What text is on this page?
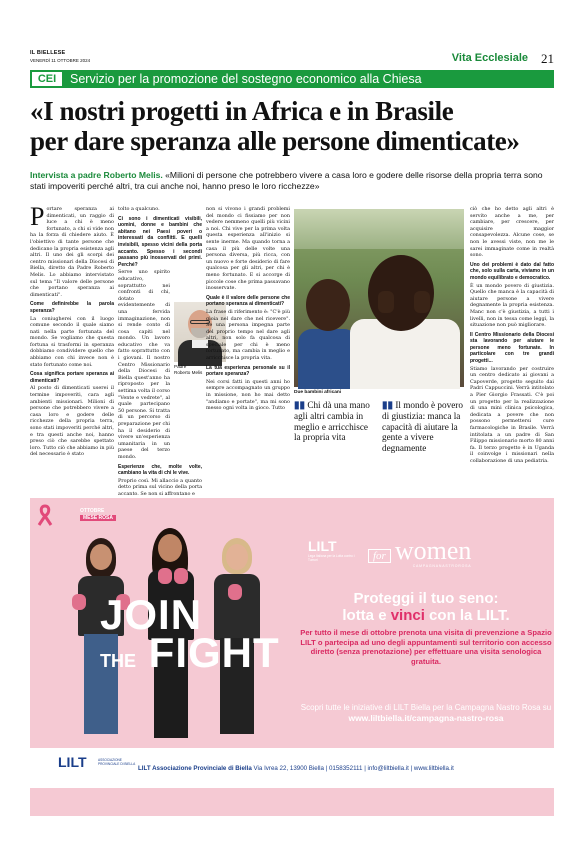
IL BIELLESE
VENERDÌ 11 OTTOBRE 2024	Vita Ecclesiale 21
CEI	Servizio per la promozione del sostegno economico alla Chiesa
«I nostri progetti in Africa e in Brasile
per dare speranza alle persone dimenticate»
Intervista a padre Roberto Melis. «Milioni di persone che potrebbero vivere a casa loro e godere delle risorse della propria terra sono stati impoveriti perché altri, tra cui anche noi, hanno preso le loro ricchezze»
P ortare speranza ai dimenticati, un raggio di luce a chi è meno fortunato, a chi si vide non ha la forza di chiedere aiuto. È l'obiettivo di tante persone che dedicano la propria esistenza agli altri. Il uno dei gli scorpi dei centro missionari della Diocesi di Biella, diretto da Padre Roberto Melis. Lo abbiamo intervistato sul tema "Il valore delle persone che portano speranza ai dimenticati".

Come definirebbe la parola speranza?

La coniugherei con il luogo comune secondo il quale siamo nati nella parte fortunata del mondo. Se vogliamo che questa fortuna si trasformi in speranza dobbiamo condividere quello che abbiamo con chi invece non è stato fortunato come noi.

Cosa significa portare speranza ai dimenticati?

Al posto di dimenticati userei il termine impoveriti, cara agli ambienti missionari. Milioni di persone che potrebbero vivere a casa loro e godere delle ricchezze della propria terra, sono stati impoveriti perché altri, e tra questi anche noi, hanno preso ciò che sarebbe spettato loro. Tutto ciò che abbiamo in più del necessario è stato

tolto a qualcuno.

Ci sono i dimenticati visibili, uomini, donne e bambini che abitano nei Paesi poveri o interessati da conflitti. E quelli invisibili, spesso vicini della porta accanto. Spesso i secondi passano più inosservati dei primi. Perché?

Serve uno spirito educativo, soprattutto nei confronti di chi, dotato evidentemente di una fervida immaginazione, non si rende conto di cosa capiti nel mondo. Un lavoro educativo che va fatto soprattutto con i giovani. Il nostro Centro Missionario della Diocesi di Biella quest'anno ha riproposto per la settima volta il corso "Vente e vedrete", al quale partecipano 50 persone. Si tratta di un percorso di preparazione per chi ha il desiderio di vivere un'esperienza umanitaria in un paese del terzo mondo.

Esperienze che, molte volte, cambiano la vita di chi le vive.

Proprio così. Mi allaccio a quanto detto prima sul vicino della porta accanto. Se non si affrontano e

Padre
Roberto Melis

non si vivono i grandi problemi del mondo ci fissiamo per non vedere nemmeno quelli più vicini a noi. Chi vive per la prima volta questa esperienza all'inizio si sente inerme. Ma quando torna a casa il più delle volte una persona diversa, più ricca, con un nuovo e forte desiderio di fare qualcosa per gli altri, per chi è meno fortunato. E si accorge di piccole cose che prima passavano inosservate.

Quale è il valore delle persone che portano speranza ai dimenticati?

La frase di riferimento è: "C'è più gioia nel dare che nel ricevere". Se una persona impegna parte del proprio tempo nel dare agli altri, non solo fa qualcosa di speciale per chi è meno fortunato, ma cambia in meglio e arricchisce la propria vita.

La tua esperienza personale su il portare speranza?

Nei corsi fatti in questi anni ho sempre accompagnato un gruppo in missione, non ho mai detto "andiamo e portate", ma mi sono messo ogni volta in gioco. Tutto

Due bambini africani
▮▮ Chi dà una mano agli altri cambia in meglio e arricchisce la propria vita
▮▮ Il mondo è povero di giustizia: manca la capacità di aiutare la gente a vivere degnamente

ciò che ho detto agli altri è servito anche a me, per cambiare, per crescere, per acquisire maggior consapevolezza. Alcune cose, se non le avessi viste, non me le sarei immaginate come in realtà sono.

Uno dei problemi è dato dal fatto che, solo sulla carta, viviamo in un mondo equilibrato e democratico.

È un mondo povero di giustizia. Quello che manca è la capacità di aiutare persone a vivere degnamente la propria esistenza. Manc non c'è giustizia, a tutti i livelli, non in tessa come leggi, la situazione non può migliorare.

Il Centro Missionario della Diocesi sta lavorando per aiutare le persone meno fortunate. In particolare con tre grandi progetti...

Stiamo lavorando per costruire un centro dedicato ai giovani a Capoverde, progetto seguito dai Padri Cappuccini. Verrà intitolato a Pier Giorgio Frassati. C'è poi un progetto per la realizzazione di una mini clinica psicologica, dedicata a povere che non possono permettersi cure farmacologiche in Brasile. Verrà intitolata a un padre di San Filippo missionario morto 80 anni fa. Il terzo progetto è in Uganda il coinvolge i missionari nella collaborazione di una pediatria.

OTTOBRE
MESE ROSA
JOIN
THE FIGHT
LILT
Lega Italiana per la Lotta contro i Tumori	for women
CAMPAGNANASTROROSA
Proteggi il tuo seno:
lotta e vinci con la LILT.
Per tutto il mese di ottobre prenota una visita di prevenzione a Spazio LILT o partecipa ad uno degli appuntamenti sul territorio con accesso diretto (senza prenotazione) per effettuare una visita senologica gratuita.
Scopri tutte le iniziative di LILT Biella per la Campagna Nastro Rosa su
www.liltbiella.it/campagna-nastro-rosa
LILT	ASSOCIAZIONE PROVINCIALE DI BIELLA
LILT Associazione Provinciale di Biella Via Ivrea 22, 13900 Biella | 0158352111 | info@liltbiella.it | www.liltbiella.it
